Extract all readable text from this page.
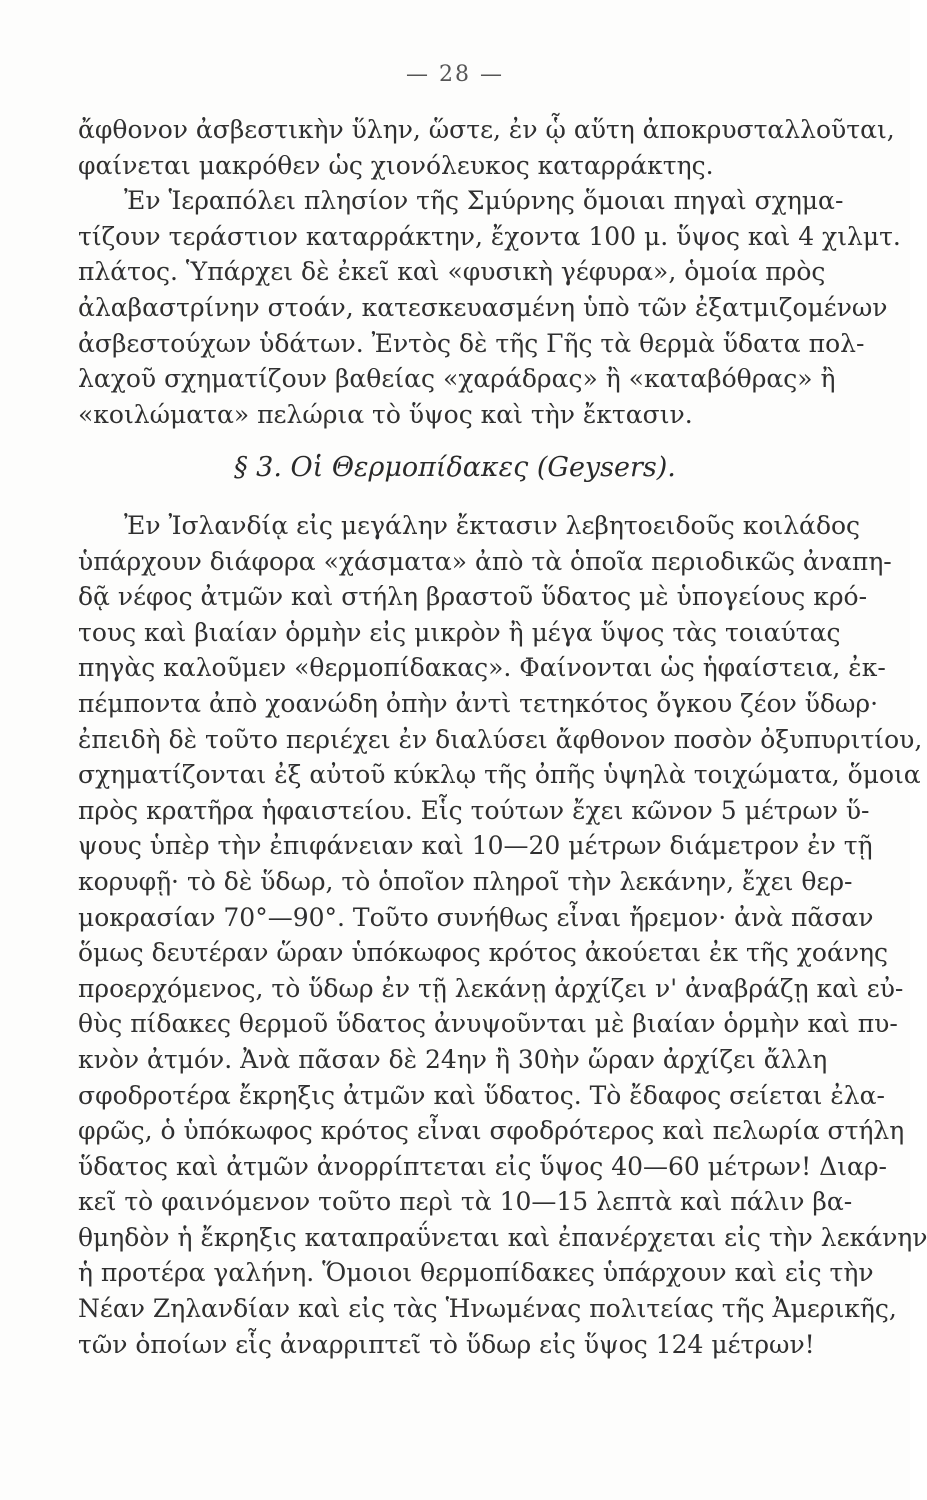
— 28 —
ἄφθονον ἀσβεστικὴν ὕλην, ὥστε, ἐν ᾧ αὕτη ἀποκρυσταλλοῦται,
φαίνεται μακρόθεν ὡς χιονόλευκος καταρράκτης.
Ἐν Ἱεραπόλει πλησίον τῆς Σμύρνης ὅμοιαι πηγαὶ σχημα-
τίζουν τεράστιον καταρράκτην, ἔχοντα 100 μ. ὕψος καὶ 4 χιλμτ.
πλάτος. Ὑπάρχει δὲ ἐκεῖ καὶ «φυσικὴ γέφυρα», ὁμοία πρὸς
ἀλαβαστρίνην στοάν, κατεσκευασμένη ὑπὸ τῶν ἐξατμιζομένων
ἀσβεστούχων ὑδάτων. Ἐντὸς δὲ τῆς Γῆς τὰ θερμὰ ὕδατα πολ-
λαχοῦ σχηματίζουν βαθείας «χαράδρας» ἢ «καταβόθρας» ἢ
«κοιλώματα» πελώρια τὸ ὕψος καὶ τὴν ἔκτασιν.
§ 3. Οἱ Θερμοπίδακες (Geysers).
Ἐν Ἰσλανδίᾳ εἰς μεγάλην ἔκτασιν λεβητοειδοῦς κοιλάδος
ὑπάρχουν διάφορα «χάσματα» ἀπὸ τὰ ὁποῖα περιοδικῶς ἀναπη-
δᾷ νέφος ἀτμῶν καὶ στήλη βραστοῦ ὕδατος μὲ ὑπογείους κρό-
τους καὶ βιαίαν ὁρμὴν εἰς μικρὸν ἢ μέγα ὕψος τὰς τοιαύτας
πηγὰς καλοῦμεν «θερμοπίδακας». Φαίνονται ὡς ἡφαίστεια, ἐκ-
πέμποντα ἀπὸ χοανώδη ὀπὴν ἀντὶ τετηκότος ὄγκου ζέον ὕδωρ·
ἐπειδὴ δὲ τοῦτο περιέχει ἐν διαλύσει ἄφθονον ποσὸν ὀξυπυριτίου,
σχηματίζονται ἐξ αὐτοῦ κύκλῳ τῆς ὀπῆς ὑψηλὰ τοιχώματα, ὅμοια
πρὸς κρατῆρα ἡφαιστείου. Εἷς τούτων ἔχει κῶνον 5 μέτρων ὕ-
ψους ὑπὲρ τὴν ἐπιφάνειαν καὶ 10—20 μέτρων διάμετρον ἐν τῇ
κορυφῇ· τὸ δὲ ὕδωρ, τὸ ὁποῖον πληροῖ τὴν λεκάνην, ἔχει θερ-
μοκρασίαν 70°—90°. Τοῦτο συνήθως εἶναι ἤρεμον· ἀνὰ πᾶσαν
ὅμως δευτέραν ὥραν ὑπόκωφος κρότος ἀκούεται ἐκ τῆς χοάνης
προερχόμενος, τὸ ὕδωρ ἐν τῇ λεκάνῃ ἀρχίζει ν' ἀναβράζῃ καὶ εὐ-
θὺς πίδακες θερμοῦ ὕδατος ἀνυψοῦνται μὲ βιαίαν ὁρμὴν καὶ πυ-
κνὸν ἀτμόν. Ἀνὰ πᾶσαν δὲ 24ην ἢ 30ὴν ὥραν ἀρχίζει ἄλλη
σφοδροτέρα ἔκρηξις ἀτμῶν καὶ ὕδατος. Τὸ ἔδαφος σείεται ἐλα-
φρῶς, ὁ ὑπόκωφος κρότος εἶναι σφοδρότερος καὶ πελωρία στήλη
ὕδατος καὶ ἀτμῶν ἀνορρίπτεται εἰς ὕψος 40—60 μέτρων! Διαρ-
κεῖ τὸ φαινόμενον τοῦτο περὶ τὰ 10—15 λεπτὰ καὶ πάλιν βα-
θμηδὸν ἡ ἔκρηξις καταπραΰνεται καὶ ἐπανέρχεται εἰς τὴν λεκάνην
ἡ προτέρα γαλήνη. Ὅμοιοι θερμοπίδακες ὑπάρχουν καὶ εἰς τὴν
Νέαν Ζηλανδίαν καὶ εἰς τὰς Ἡνωμένας πολιτείας τῆς Ἀμερικῆς,
τῶν ὁποίων εἷς ἀναρριπτεῖ τὸ ὕδωρ εἰς ὕψος 124 μέτρων!
